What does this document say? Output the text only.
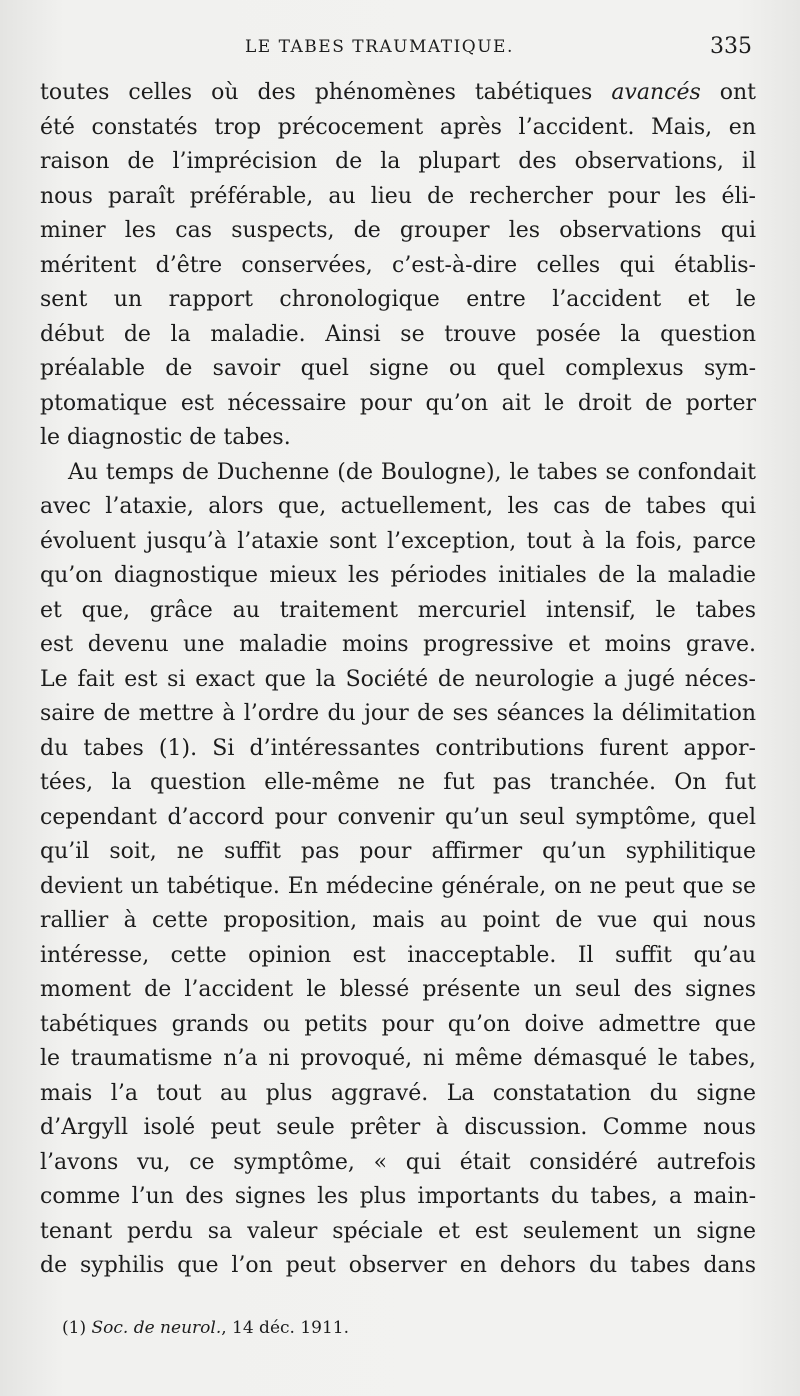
LE TABES TRAUMATIQUE.	335
toutes celles où des phénomènes tabétiques avancés ont
été constatés trop précocement après l’accident. Mais, en
raison de l’imprécision de la plupart des observations, il
nous paraît préférable, au lieu de rechercher pour les éli-
miner les cas suspects, de grouper les observations qui
méritent d’être conservées, c’est-à-dire celles qui établis-
sent un rapport chronologique entre l’accident et le
début de la maladie. Ainsi se trouve posée la question
préalable de savoir quel signe ou quel complexus sym-
ptomatique est nécessaire pour qu’on ait le droit de porter
le diagnostic de tabes.
Au temps de Duchenne (de Boulogne), le tabes se confondait
avec l’ataxie, alors que, actuellement, les cas de tabes qui
évoluent jusqu’à l’ataxie sont l’exception, tout à la fois, parce
qu’on diagnostique mieux les périodes initiales de la maladie
et que, grâce au traitement mercuriel intensif, le tabes
est devenu une maladie moins progressive et moins grave.
Le fait est si exact que la Société de neurologie a jugé néces-
saire de mettre à l’ordre du jour de ses séances la délimitation
du tabes (1). Si d’intéressantes contributions furent appor-
tées, la question elle-même ne fut pas tranchée. On fut
cependant d’accord pour convenir qu’un seul symptôme, quel
qu’il soit, ne suffit pas pour affirmer qu’un syphilitique
devient un tabétique. En médecine générale, on ne peut que se
rallier à cette proposition, mais au point de vue qui nous
intéresse, cette opinion est inacceptable. Il suffit qu’au
moment de l’accident le blessé présente un seul des signes
tabétiques grands ou petits pour qu’on doive admettre que
le traumatisme n’a ni provoqué, ni même démasqué le tabes,
mais l’a tout au plus aggravé. La constatation du signe
d’Argyll isolé peut seule prêter à discussion. Comme nous
l’avons vu, ce symptôme, « qui était considéré autrefois
comme l’un des signes les plus importants du tabes, a main-
tenant perdu sa valeur spéciale et est seulement un signe
de syphilis que l’on peut observer en dehors du tabes dans
(1) Soc. de neurol., 14 déc. 1911.
